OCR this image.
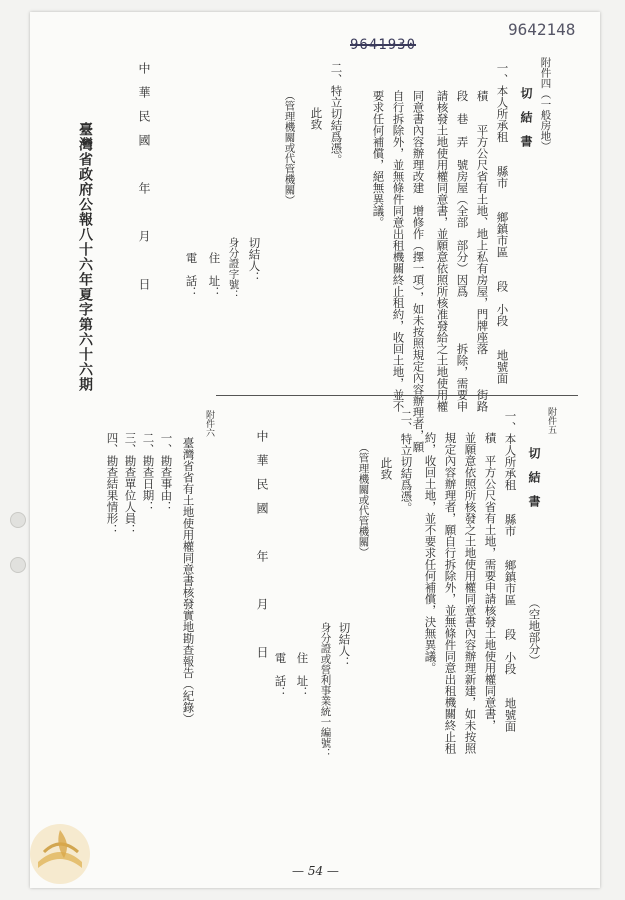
9642148
9641930
附件四（一般房地）
切　結　書
一、本人所承租　　縣市　　鄉鎮市區　　段　小段　　地號面
積　　平方公尺省有土地、地上私有房屋，門牌座落　　　街路
段　巷　弄　號房屋（全部　部分）因爲　　　　拆除，需要申
請核發土地使用權同意書，並願意依照所核准發給之土地使用權
同意書內容辦理改建　增修作（擇一項），如未按照規定內容辦理者，願
自行拆除外，並無條件同意出租機關終止租約，收回土地，並不
要求任何補償，絕無異議。
二、特立切結爲憑。
此致
（管理機關或代管機關）
切結人：
身分證字號：
住　址：
電　話：
中　華　民　國　　　年　　　月　　　日
臺灣省政府公報八十六年夏字第六十六期
附件五
切　結　書
（空地部分）
一、本人所承租　　縣市　　鄉鎮市區　　段　小段　　地號面
積　平方公尺省有土地，需要申請核發土地使用權同意書，
並願意依照所核發之土地使用權同意書內容辦理新建，如未按照
規定內容辦理者，願自行拆除外，並無條件同意出租機關終止租
約，收回土地，並不要求任何補償，決無異議。
二、特立切結爲憑。
此致
（管理機關或代管機關）
切結人：
身分證或營利事業統一編號：
住　址：
電　話：
中　華　民　國　　　年　　　月　　　日
附件六
臺灣省省有土地使用權同意書核發實地勘查報告（紀錄）
一、勘查事由：
二、勘查日期：
三、勘查單位人員：
四、勘查結果情形：
— 54 —
